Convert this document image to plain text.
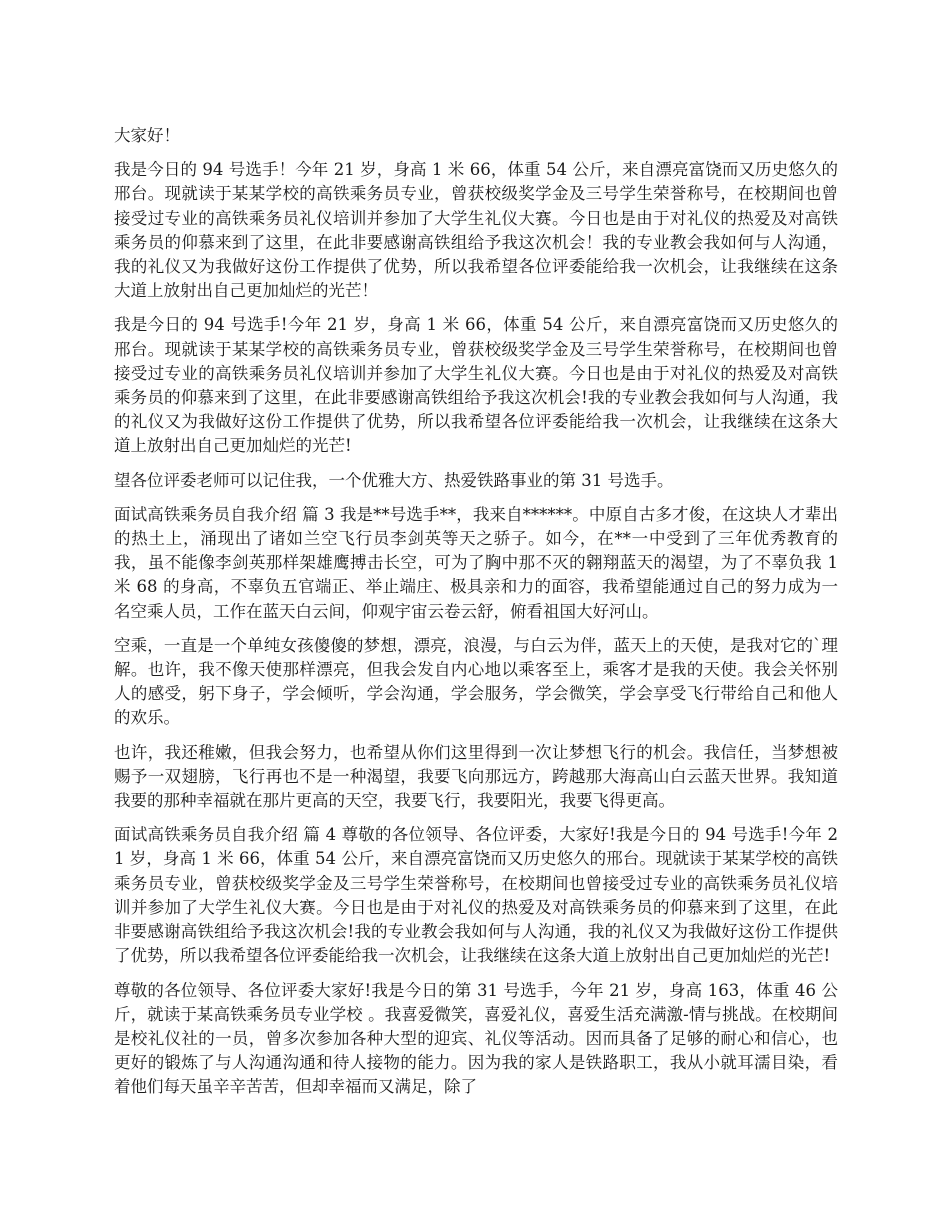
大家好！

我是今日的 94 号选手！今年 21 岁，身高 1 米 66，体重 54 公斤，来自漂亮富饶而又历史悠久的邢台。现就读于某某学校的高铁乘务员专业，曾获校级奖学金及三号学生荣誉称号，在校期间也曾接受过专业的高铁乘务员礼仪培训并参加了大学生礼仪大赛。今日也是由于对礼仪的热爱及对高铁乘务员的仰慕来到了这里，在此非要感谢高铁组给予我这次机会！我的专业教会我如何与人沟通，我的礼仪又为我做好这份工作提供了优势，所以我希望各位评委能给我一次机会，让我继续在这条大道上放射出自己更加灿烂的光芒！

我是今日的 94 号选手!今年 21 岁，身高 1 米 66，体重 54 公斤，来自漂亮富饶而又历史悠久的邢台。现就读于某某学校的高铁乘务员专业，曾获校级奖学金及三号学生荣誉称号，在校期间也曾接受过专业的高铁乘务员礼仪培训并参加了大学生礼仪大赛。今日也是由于对礼仪的热爱及对高铁乘务员的仰慕来到了这里，在此非要感谢高铁组给予我这次机会!我的专业教会我如何与人沟通，我的礼仪又为我做好这份工作提供了优势，所以我希望各位评委能给我一次机会，让我继续在这条大道上放射出自己更加灿烂的光芒!

望各位评委老师可以记住我，一个优雅大方、热爱铁路事业的第 31 号选手。

面试高铁乘务员自我介绍 篇 3 我是**号选手**，我来自******。中原自古多才俊，在这块人才辈出的热土上，涌现出了诸如兰空飞行员李剑英等天之骄子。如今，在**一中受到了三年优秀教育的我，虽不能像李剑英那样架雄鹰搏击长空，可为了胸中那不灭的翱翔蓝天的渴望，为了不辜负我 1 米 68 的身高，不辜负五官端正、举止端庄、极具亲和力的面容，我希望能通过自己的努力成为一名空乘人员，工作在蓝天白云间，仰观宇宙云卷云舒，俯看祖国大好河山。

空乘，一直是一个单纯女孩傻傻的梦想，漂亮，浪漫，与白云为伴，蓝天上的天使，是我对它的`理解。也许，我不像天使那样漂亮，但我会发自内心地以乘客至上，乘客才是我的天使。我会关怀别人的感受，躬下身子，学会倾听，学会沟通，学会服务，学会微笑，学会享受飞行带给自己和他人的欢乐。

也许，我还稚嫩，但我会努力，也希望从你们这里得到一次让梦想飞行的机会。我信任，当梦想被赐予一双翅膀，飞行再也不是一种渴望，我要飞向那远方，跨越那大海高山白云蓝天世界。我知道我要的那种幸福就在那片更高的天空，我要飞行，我要阳光，我要飞得更高。

面试高铁乘务员自我介绍 篇 4 尊敬的各位领导、各位评委，大家好!我是今日的 94 号选手!今年 21 岁，身高 1 米 66，体重 54 公斤，来自漂亮富饶而又历史悠久的邢台。现就读于某某学校的高铁乘务员专业，曾获校级奖学金及三号学生荣誉称号，在校期间也曾接受过专业的高铁乘务员礼仪培训并参加了大学生礼仪大赛。今日也是由于对礼仪的热爱及对高铁乘务员的仰慕来到了这里，在此非要感谢高铁组给予我这次机会!我的专业教会我如何与人沟通，我的礼仪又为我做好这份工作提供了优势，所以我希望各位评委能给我一次机会，让我继续在这条大道上放射出自己更加灿烂的光芒!

尊敬的各位领导、各位评委大家好!我是今日的第 31 号选手，今年 21 岁，身高 163，体重 46 公斤，就读于某高铁乘务员专业学校 。我喜爱微笑，喜爱礼仪，喜爱生活充满激-情与挑战。在校期间是校礼仪社的一员，曾多次参加各种大型的迎宾、礼仪等活动。因而具备了足够的耐心和信心，也更好的锻炼了与人沟通沟通和待人接物的能力。因为我的家人是铁路职工，我从小就耳濡目染，看着他们每天虽辛辛苦苦，但却幸福而又满足，除了
